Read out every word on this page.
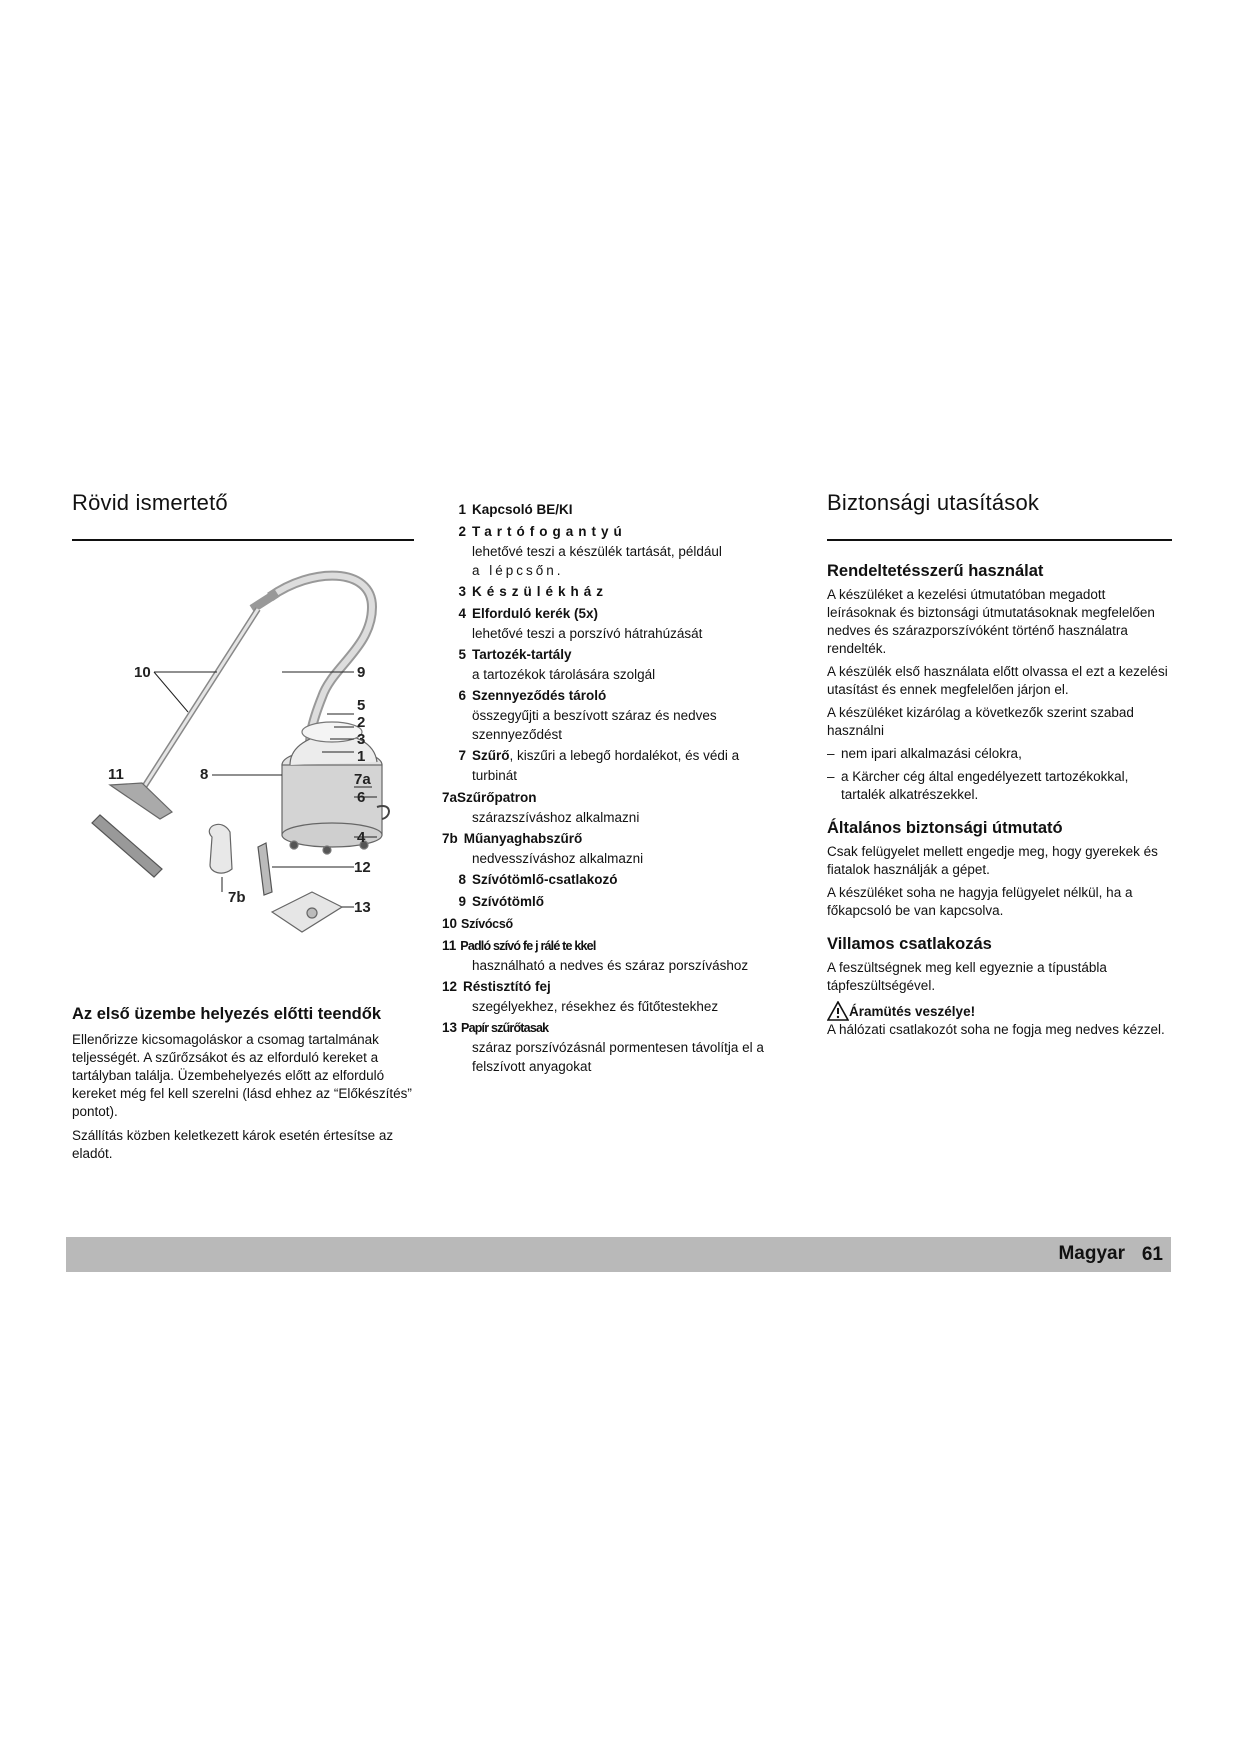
Rövid ismertető
10	9
5
2
3
1
11	8	7a
6
4
12
7b
13
Az első üzembe helyezés előtti teendők

Ellenőrizze kicsomagoláskor a csomag tartalmának teljességét. A szűrőzsákot és az elforduló kereket a tartályban találja. Üzembehelyezés előtt az elforduló kereket még fel kell szerelni (lásd ehhez az “Előkészítés” pontot).

Szállítás közben keletkezett károk esetén értesítse az eladót.

1 Kapcsoló BE/KI
2 Tartófogantyú
lehetővé teszi a készülék tartását, például
a lépcsőn.
3 Készülékház
4 Elforduló kerék (5x)
lehetővé teszi a porszívó hátrahúzását
5 Tartozék-tartály
a tartozékok tárolására szolgál
6 Szennyeződés tároló
összegyűjti a beszívott száraz és nedves szennyeződést
7 Szűrő, kiszűri a lebegő hordalékot, és védi a turbinát
7a Szűrőpatron
szárazszíváshoz alkalmazni
7b Műanyaghabszűrő
nedvesszíváshoz alkalmazni
8 Szívótömlő-csatlakozó
9 Szívótömlő
10 Szívócső
11 Padló szívó fe j rálé te kkel
használható a nedves és száraz porszíváshoz
12 Réstisztító fej
szegélyekhez, résekhez és fűtőtestekhez
13 Papír szűrőtasak
száraz porszívózásnál pormentesen távolítja el a felszívott anyagokat
Biztonsági utasítások
Rendeltetésszerű használat

A készüléket a kezelési útmutatóban megadott leírásoknak és biztonsági útmutatásoknak megfelelően nedves és szárazporszívóként történő használatra rendelték.

A készülék első használata előtt olvassa el ezt a kezelési utasítást és ennek megfelelően járjon el.

A készüléket kizárólag a következők szerint szabad használni

– nem ipari alkalmazási célokra,
– a Kärcher cég által engedélyezett tartozékokkal, tartalék alkatrészekkel.
Általános biztonsági útmutató

Csak felügyelet mellett engedje meg, hogy gyerekek és fiatalok használják a gépet.

A készüléket soha ne hagyja felügyelet nélkül, ha a főkapcsoló be van kapcsolva.

Villamos csatlakozás

A feszültségnek meg kell egyeznie a típustábla tápfeszültségével.

Áramütés veszélye!

A hálózati csatlakozót soha ne fogja meg nedves kézzel.

Magyar 61
